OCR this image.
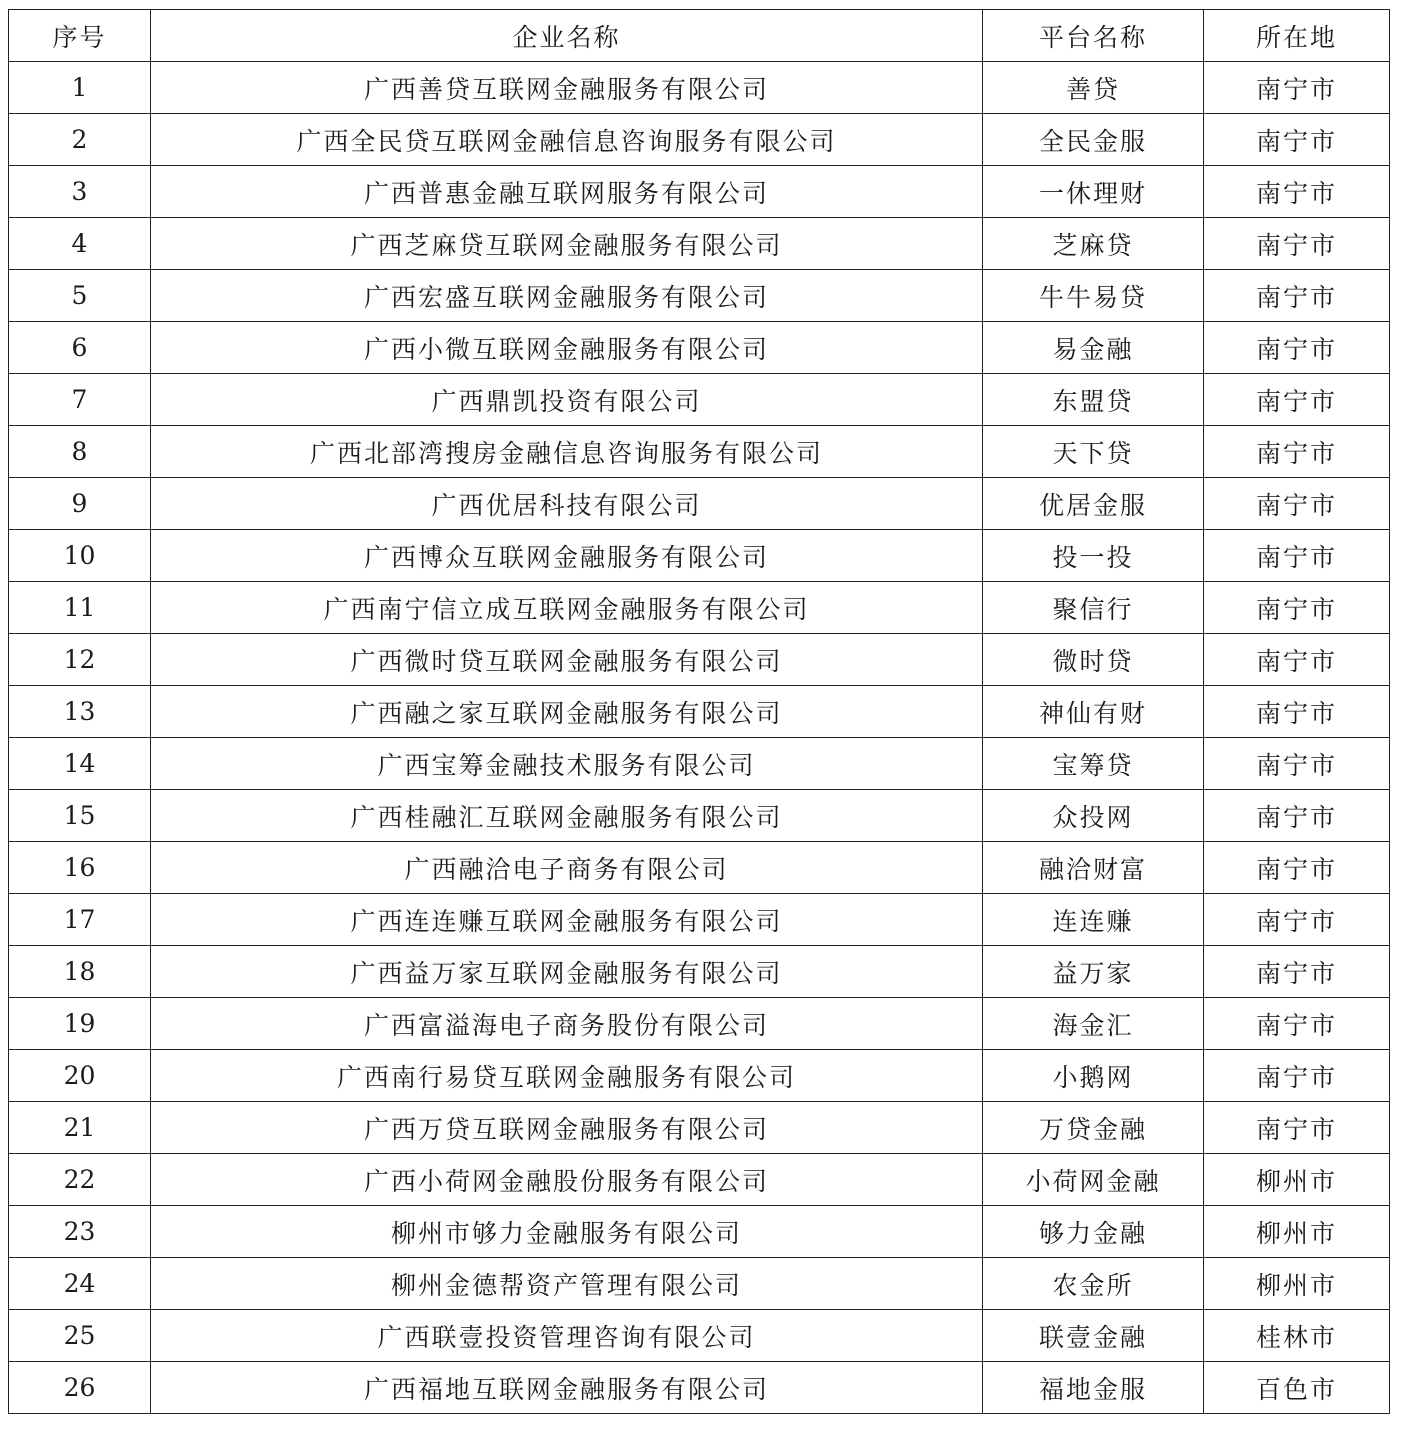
序号	企业名称	平台名称	所在地
1	广西善贷互联网金融服务有限公司	善贷	南宁市
2	广西全民贷互联网金融信息咨询服务有限公司	全民金服	南宁市
3	广西普惠金融互联网服务有限公司	一休理财	南宁市
4	广西芝麻贷互联网金融服务有限公司	芝麻贷	南宁市
5	广西宏盛互联网金融服务有限公司	牛牛易贷	南宁市
6	广西小微互联网金融服务有限公司	易金融	南宁市
7	广西鼎凯投资有限公司	东盟贷	南宁市
8	广西北部湾搜房金融信息咨询服务有限公司	天下贷	南宁市
9	广西优居科技有限公司	优居金服	南宁市
10	广西博众互联网金融服务有限公司	投一投	南宁市
11	广西南宁信立成互联网金融服务有限公司	聚信行	南宁市
12	广西微时贷互联网金融服务有限公司	微时贷	南宁市
13	广西融之家互联网金融服务有限公司	神仙有财	南宁市
14	广西宝筹金融技术服务有限公司	宝筹贷	南宁市
15	广西桂融汇互联网金融服务有限公司	众投网	南宁市
16	广西融洽电子商务有限公司	融洽财富	南宁市
17	广西连连赚互联网金融服务有限公司	连连赚	南宁市
18	广西益万家互联网金融服务有限公司	益万家	南宁市
19	广西富溢海电子商务股份有限公司	海金汇	南宁市
20	广西南行易贷互联网金融服务有限公司	小鹅网	南宁市
21	广西万贷互联网金融服务有限公司	万贷金融	南宁市
22	广西小荷网金融股份服务有限公司	小荷网金融	柳州市
23	柳州市够力金融服务有限公司	够力金融	柳州市
24	柳州金德帮资产管理有限公司	农金所	柳州市
25	广西联壹投资管理咨询有限公司	联壹金融	桂林市
26	广西福地互联网金融服务有限公司	福地金服	百色市
